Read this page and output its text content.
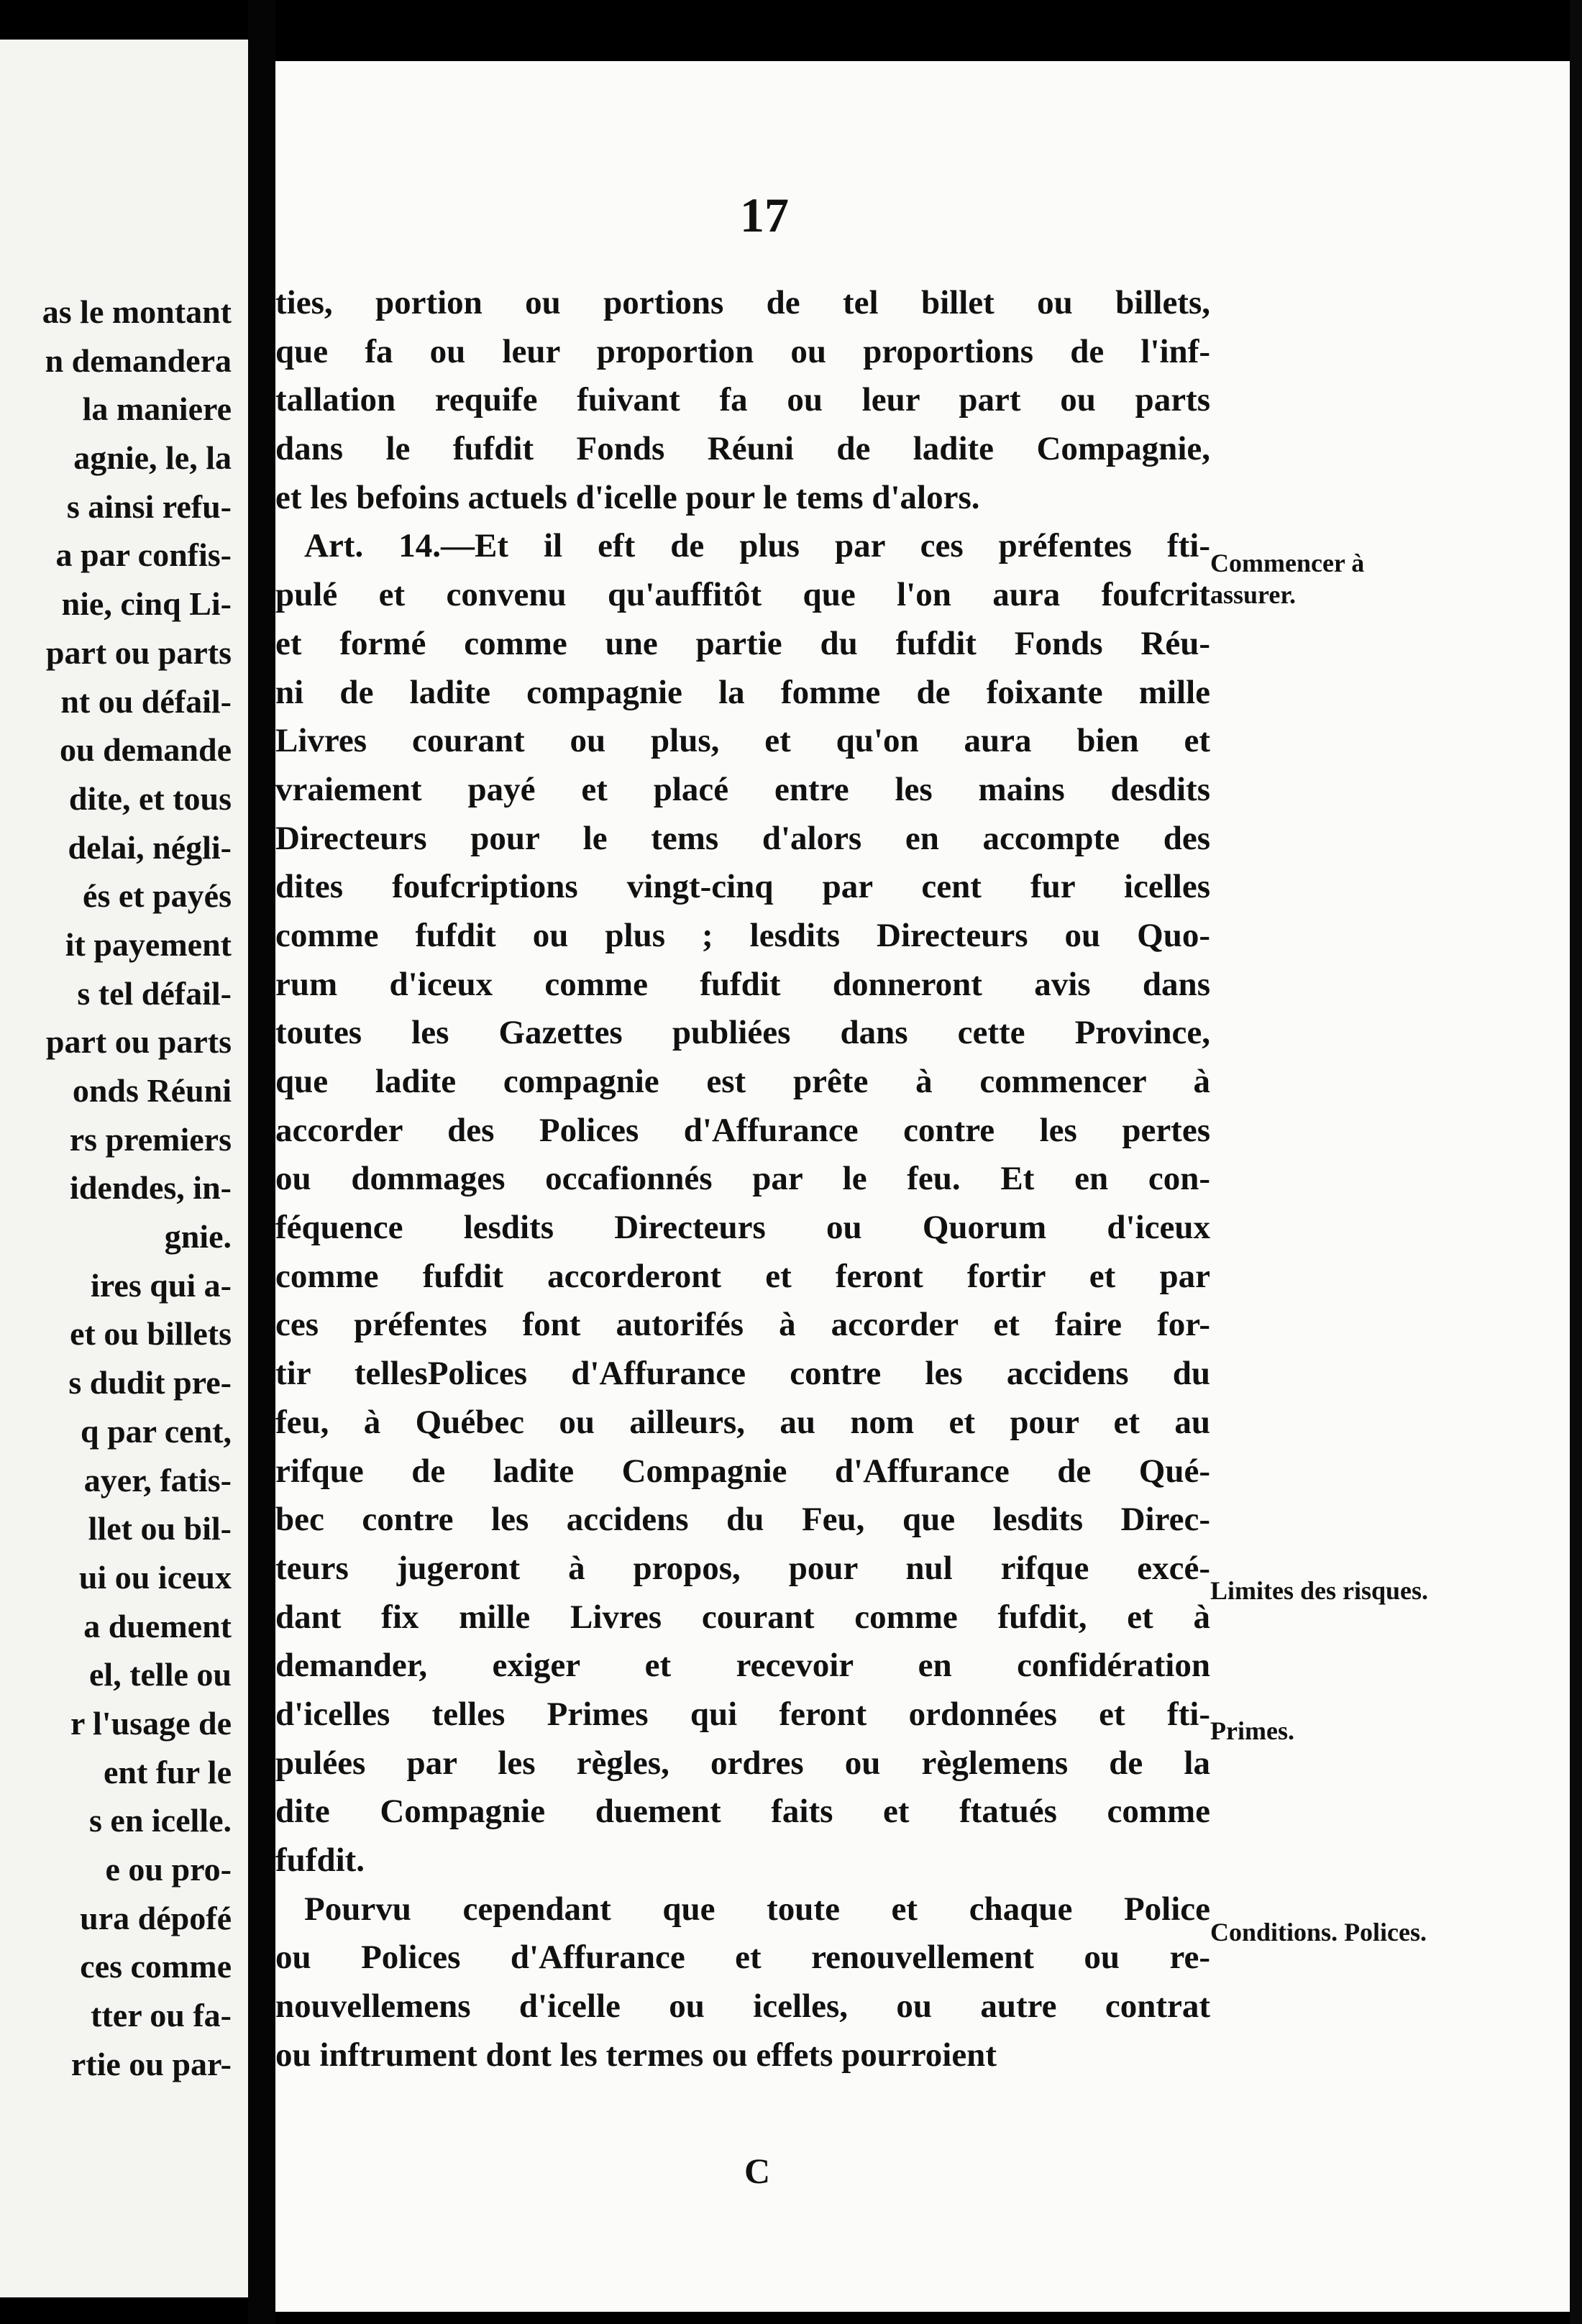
as le montant
n demandera
la maniere
agnie, le, la
s ainsi refu-
a par confis-
nie, cinq Li-
part ou parts
nt ou défail-
ou demande
dite, et tous
delai, négli-
és et payés
it payement
s tel défail-
part ou parts
onds Réuni
rs premiers
idendes, in-
gnie.
ires qui a-
et ou billets
s dudit pre-
q par cent,
ayer, fatis-
llet ou bil-
ui ou iceux
a duement
el, telle ou
r l'usage de
ent fur le
s en icelle.
e ou pro-
ura dépofé
ces comme
tter ou fa-
rtie ou par-
17
ties, portion ou portions de tel billet ou billets,
que fa ou leur proportion ou proportions de l'inf-
tallation requife fuivant fa ou leur part ou parts
dans le fufdit Fonds Réuni de ladite Compagnie,
et les befoins actuels d'icelle pour le tems d'alors.
Art. 14.—Et il eft de plus par ces préfentes fti-
pulé et convenu qu'auffitôt que l'on aura foufcrit
et formé comme une partie du fufdit Fonds Réu-
ni de ladite compagnie la fomme de foixante mille
Livres courant ou plus, et qu'on aura bien et
vraiement payé et placé entre les mains desdits
Directeurs pour le tems d'alors en accompte des
dites foufcriptions vingt-cinq par cent fur icelles
comme fufdit ou plus ; lesdits Directeurs ou Quo-
rum d'iceux comme fufdit donneront avis dans
toutes les Gazettes publiées dans cette Province,
que ladite compagnie est prête à commencer à
accorder des Polices d'Affurance contre les pertes
ou dommages occafionnés par le feu. Et en con-
féquence lesdits Directeurs ou Quorum d'iceux
comme fufdit accorderont et feront fortir et par
ces préfentes font autorifés à accorder et faire for-
tir tellesPolices d'Affurance contre les accidens du
feu, à Québec ou ailleurs, au nom et pour et au
rifque de ladite Compagnie d'Affurance de Qué-
bec contre les accidens du Feu, que lesdits Direc-
teurs jugeront à propos, pour nul rifque excé-
dant fix mille Livres courant comme fufdit, et à
demander, exiger et recevoir en confidération
d'icelles telles Primes qui feront ordonnées et fti-
pulées par les règles, ordres ou règlemens de la
dite Compagnie duement faits et ftatués comme
fufdit.
Pourvu cependant que toute et chaque Police
ou Polices d'Affurance et renouvellement ou re-
nouvellemens d'icelle ou icelles, ou autre contrat
ou inftrument dont les termes ou effets pourroient
Commencer à assurer.
Limites des risques.
Primes.
Conditions. Polices.
C
